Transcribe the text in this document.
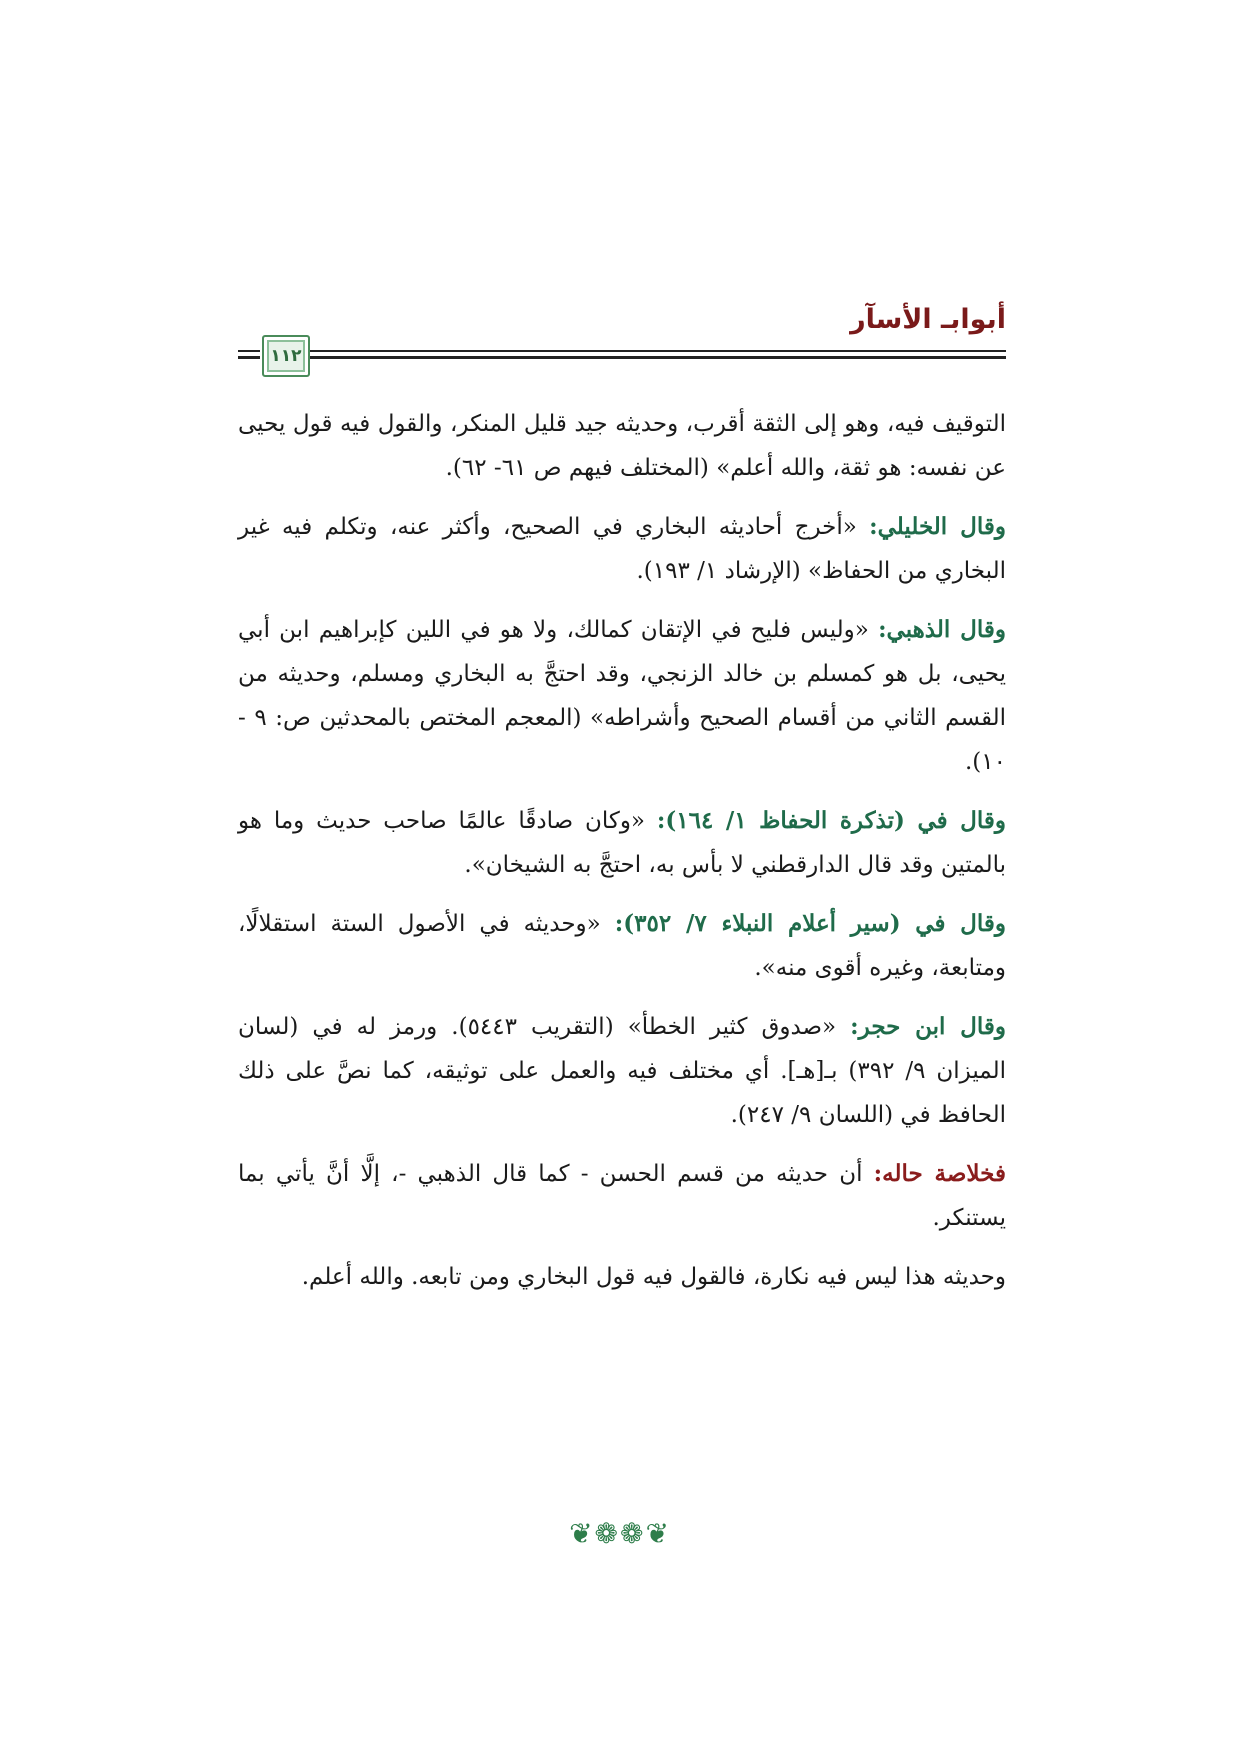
أبوابـ الأسآر
١١٢

التوقيف فيه، وهو إلى الثقة أقرب، وحديثه جيد قليل المنكر، والقول فيه قول يحيى عن نفسه: هو ثقة، والله أعلم» (المختلف فيهم ص ٦١- ٦٢).

وقال الخليلي: «أخرج أحاديثه البخاري في الصحيح، وأكثر عنه، وتكلم فيه غير البخاري من الحفاظ» (الإرشاد ١/ ١٩٣).

وقال الذهبي: «وليس فليح في الإتقان كمالك، ولا هو في اللين كإبراهيم ابن أبي يحيى، بل هو كمسلم بن خالد الزنجي، وقد احتجَّ به البخاري ومسلم، وحديثه من القسم الثاني من أقسام الصحيح وأشراطه» (المعجم المختص بالمحدثين ص: ٩ - ١٠).

وقال في (تذكرة الحفاظ ١/ ١٦٤): «وكان صادقًا عالمًا صاحب حديث وما هو بالمتين وقد قال الدارقطني لا بأس به، احتجَّ به الشيخان».

وقال في (سير أعلام النبلاء ٧/ ٣٥٢): «وحديثه في الأصول الستة استقلالًا، ومتابعة، وغيره أقوى منه».

وقال ابن حجر: «صدوق كثير الخطأ» (التقريب ٥٤٤٣). ورمز له في (لسان الميزان ٩/ ٣٩٢) بـ[هـ]. أي مختلف فيه والعمل على توثيقه، كما نصَّ على ذلك الحافظ في (اللسان ٩/ ٢٤٧).

فخلاصة حاله: أن حديثه من قسم الحسن - كما قال الذهبي -، إلَّا أنَّ يأتي بما يستنكر.

وحديثه هذا ليس فيه نكارة، فالقول فيه قول البخاري ومن تابعه. والله أعلم.

❦❁❁❦
